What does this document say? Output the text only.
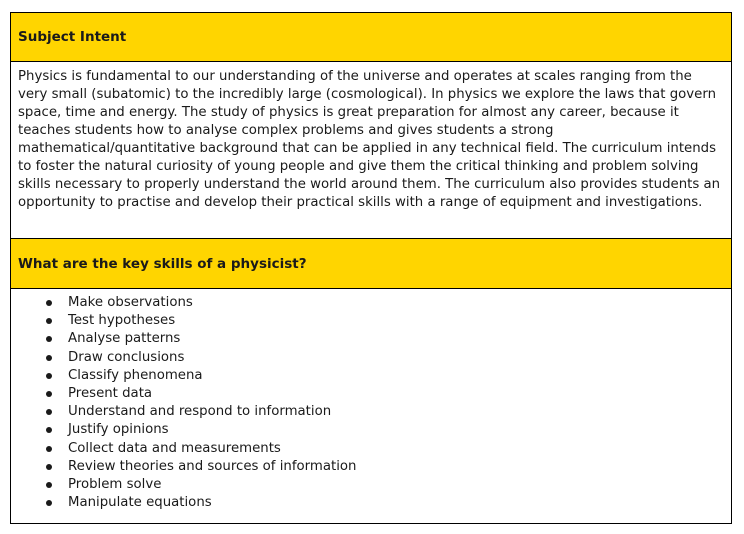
Subject Intent
Physics is fundamental to our understanding of the universe and operates at scales ranging from the very small (subatomic) to the incredibly large (cosmological). In physics we explore the laws that govern space, time and energy. The study of physics is great preparation for almost any career, because it teaches students how to analyse complex problems and gives students a strong mathematical/quantitative background that can be applied in any technical field. The curriculum intends to foster the natural curiosity of young people and give them the critical thinking and problem solving skills necessary to properly understand the world around them. The curriculum also provides students an opportunity to practise and develop their practical skills with a range of equipment and investigations.
What are the key skills of a physicist?
Make observations
Test hypotheses
Analyse patterns
Draw conclusions
Classify phenomena
Present data
Understand and respond to information
Justify opinions
Collect data and measurements
Review theories and sources of information
Problem solve
Manipulate equations
